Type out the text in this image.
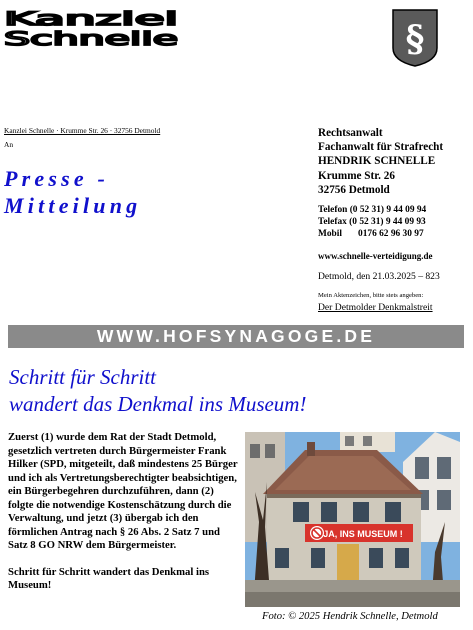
Kanzlei
Schnelle	§
Kanzlei Schnelle · Krumme Str. 26 · 32756 Detmold
An
Presse -
Mitteilung
Rechtsanwalt
Fachanwalt für Strafrecht
HENDRIK SCHNELLE
Krumme Str. 26
32756 Detmold
Telefon (0 52 31) 9 44 09 94
Telefax (0 52 31) 9 44 09 93
Mobil 0176 62 96 30 97
www.schnelle-verteidigung.de
Detmold, den 21.03.2025 – 823
Mein Aktenzeichen, bitte stets angeben:
Der Detmolder Denkmalstreit
WWW.HOFSYNAGOGE.DE
Schritt für Schritt
wandert das Denkmal ins Museum!

Zuerst (1) wurde dem Rat der Stadt Detmold, gesetzlich vertreten durch Bürgermeister Frank Hilker (SPD, mitgeteilt, daß mindestens 25 Bürger und ich als Vertretungsberechtigter beabsichtigen, ein Bürgerbegehren durchzuführen, dann (2) folgte die notwendige Kostenschätzung durch die Verwaltung, und jetzt (3) übergab ich den förmlichen Antrag nach § 26 Abs. 2 Satz 7 und Satz 8 GO NRW dem Bürgermeister.

Schritt für Schritt wandert das Denkmal ins Museum!

JA, INS MUSEUM !
Foto: © 2025 Hendrik Schnelle, Detmold
